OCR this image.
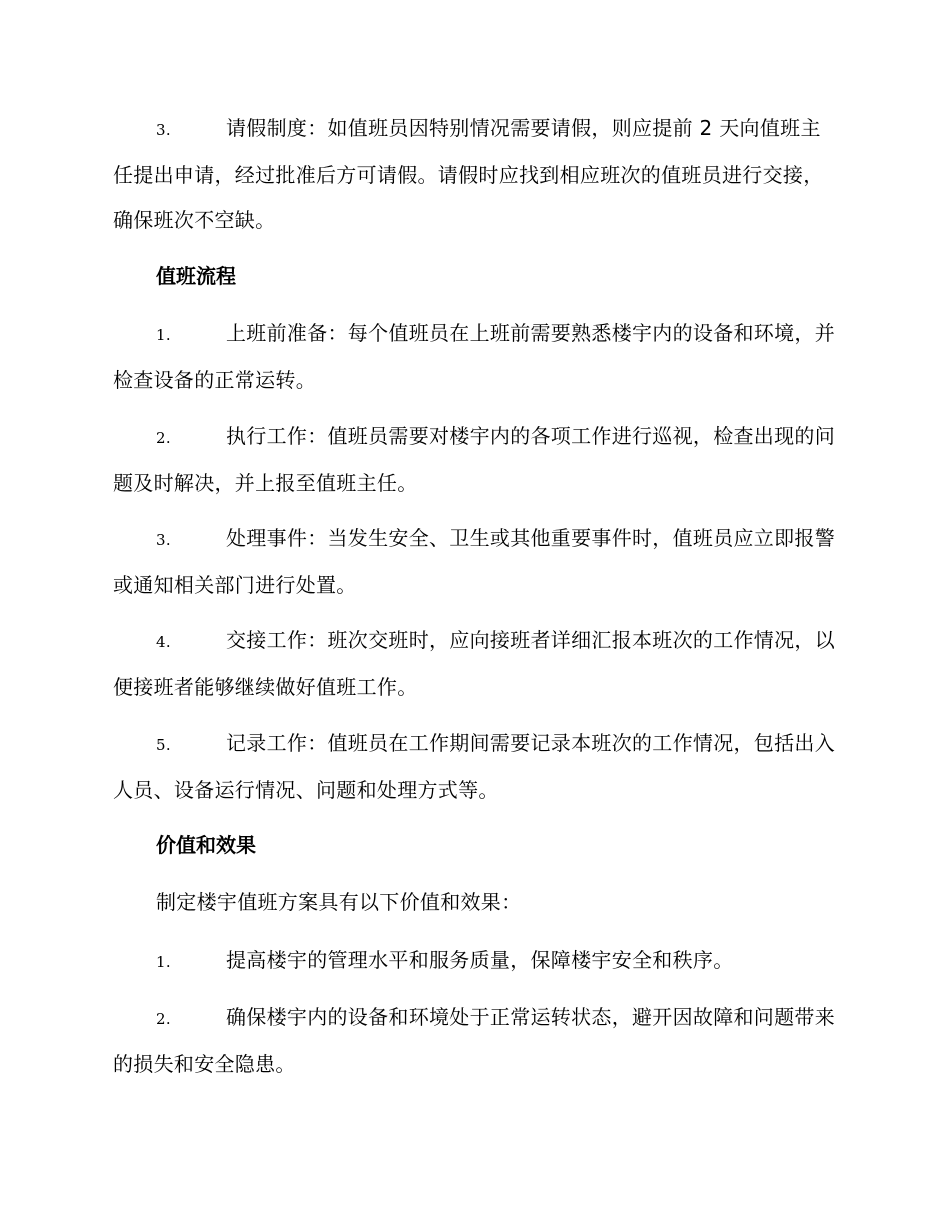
3.	请假制度：如值班员因特别情况需要请假，则应提前 2 天向值班主任提出申请，经过批准后方可请假。请假时应找到相应班次的值班员进行交接，确保班次不空缺。
值班流程
1.	上班前准备：每个值班员在上班前需要熟悉楼宇内的设备和环境，并检查设备的正常运转。
2.	执行工作：值班员需要对楼宇内的各项工作进行巡视，检查出现的问题及时解决，并上报至值班主任。
3.	处理事件：当发生安全、卫生或其他重要事件时，值班员应立即报警或通知相关部门进行处置。
4.	交接工作：班次交班时，应向接班者详细汇报本班次的工作情况，以便接班者能够继续做好值班工作。
5.	记录工作：值班员在工作期间需要记录本班次的工作情况，包括出入人员、设备运行情况、问题和处理方式等。
价值和效果
制定楼宇值班方案具有以下价值和效果：
1.	提高楼宇的管理水平和服务质量，保障楼宇安全和秩序。
2.	确保楼宇内的设备和环境处于正常运转状态，避开因故障和问题带来的损失和安全隐患。
